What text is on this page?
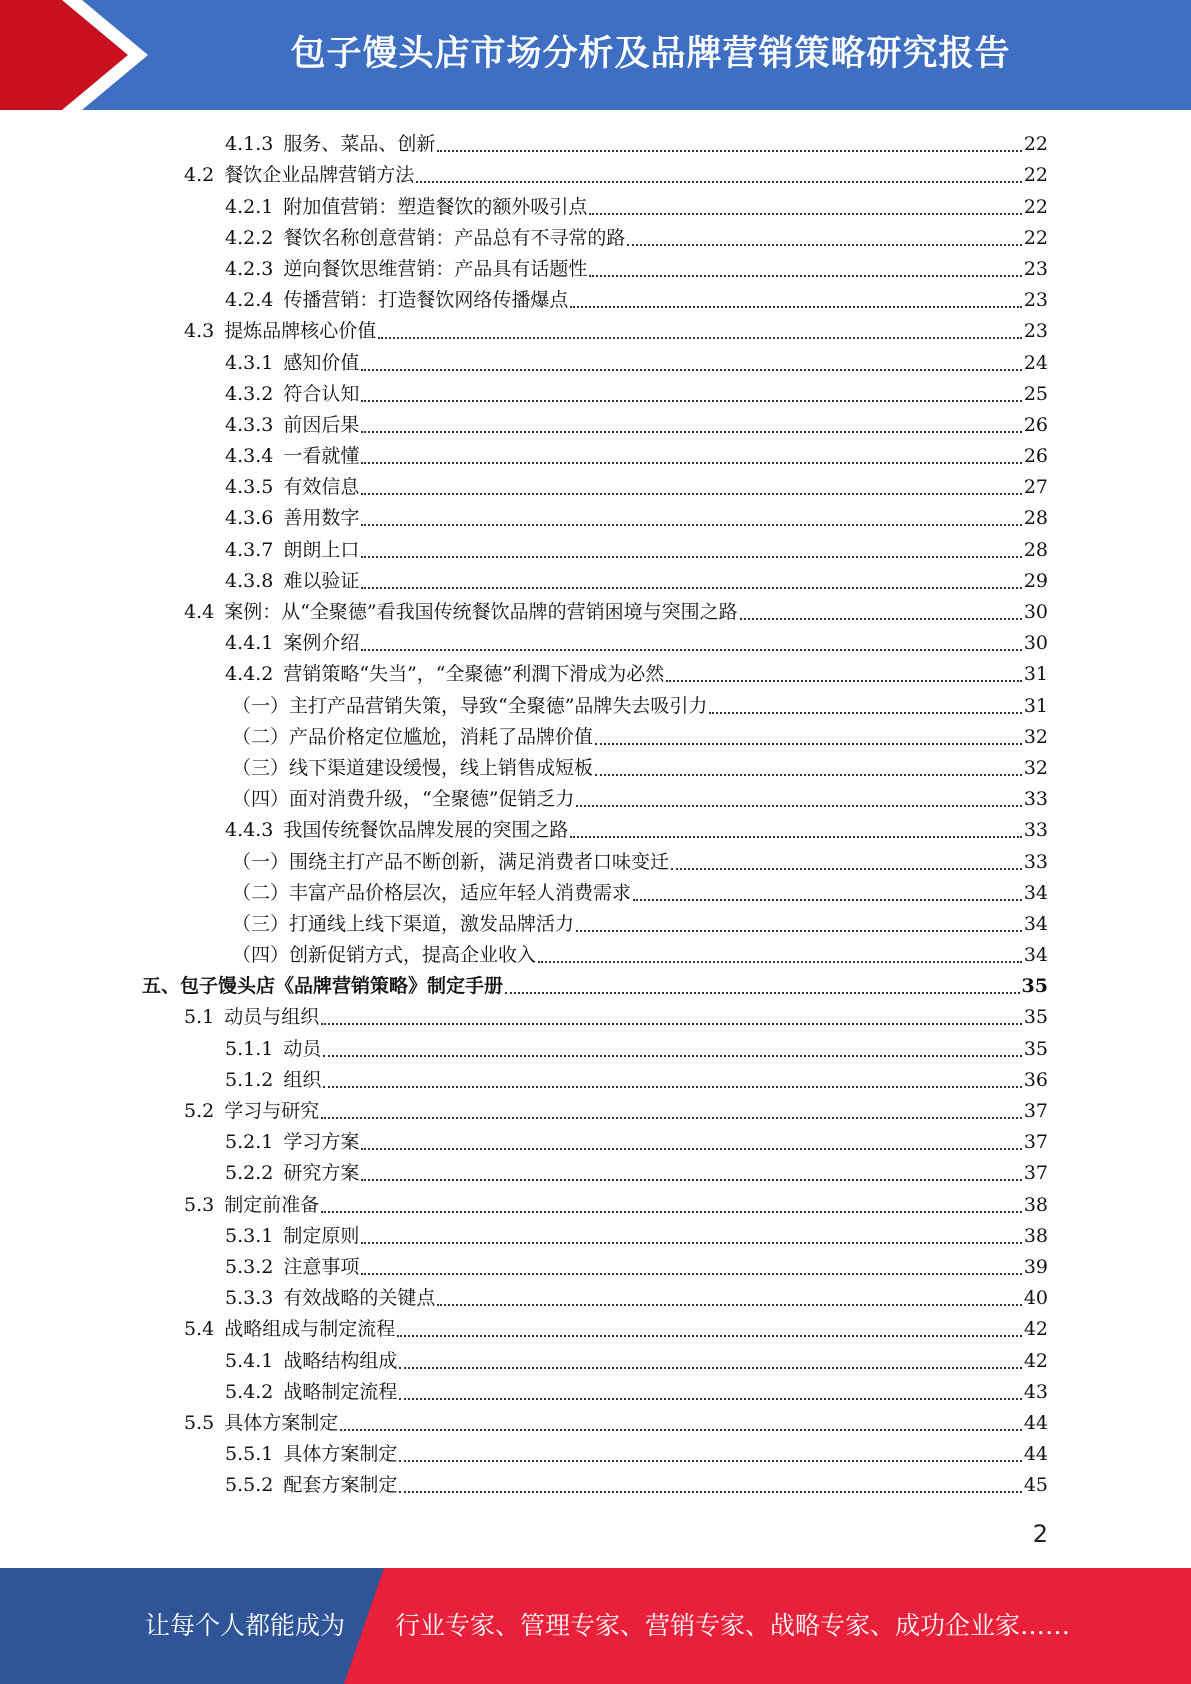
包子馒头店市场分析及品牌营销策略研究报告
4.1.3 服务、菜品、创新	22
4.2 餐饮企业品牌营销方法	22
4.2.1 附加值营销：塑造餐饮的额外吸引点	22
4.2.2 餐饮名称创意营销：产品总有不寻常的路	22
4.2.3 逆向餐饮思维营销：产品具有话题性	23
4.2.4 传播营销：打造餐饮网络传播爆点	23
4.3 提炼品牌核心价值	23
4.3.1 感知价值	24
4.3.2 符合认知	25
4.3.3 前因后果	26
4.3.4 一看就懂	26
4.3.5 有效信息	27
4.3.6 善用数字	28
4.3.7 朗朗上口	28
4.3.8 难以验证	29
4.4 案例：从“全聚德”看我国传统餐饮品牌的营销困境与突围之路	30
4.4.1 案例介绍	30
4.4.2 营销策略“失当”，“全聚德”利潤下滑成为必然	31
（一）主打产品营销失策，导致“全聚德”品牌失去吸引力	31
（二）产品价格定位尴尬，消耗了品牌价值	32
（三）线下渠道建设缓慢，线上销售成短板	32
（四）面对消费升级，“全聚德”促销乏力	33
4.4.3 我国传统餐饮品牌发展的突围之路	33
（一）围绕主打产品不断创新，满足消费者口味变迁	33
（二）丰富产品价格层次，适应年轻人消费需求	34
（三）打通线上线下渠道，激发品牌活力	34
（四）创新促销方式，提高企业收入	34
五、包子馒头店《品牌营销策略》制定手册	35
5.1 动员与组织	35
5.1.1 动员	35
5.1.2 组织	36
5.2 学习与研究	37
5.2.1 学习方案	37
5.2.2 研究方案	37
5.3 制定前准备	38
5.3.1 制定原则	38
5.3.2 注意事项	39
5.3.3 有效战略的关键点	40
5.4 战略组成与制定流程	42
5.4.1 战略结构组成	42
5.4.2 战略制定流程	43
5.5 具体方案制定	44
5.5.1 具体方案制定	44
5.5.2 配套方案制定	45
2
让每个人都能成为	行业专家、管理专家、营销专家、战略专家、成功企业家……
